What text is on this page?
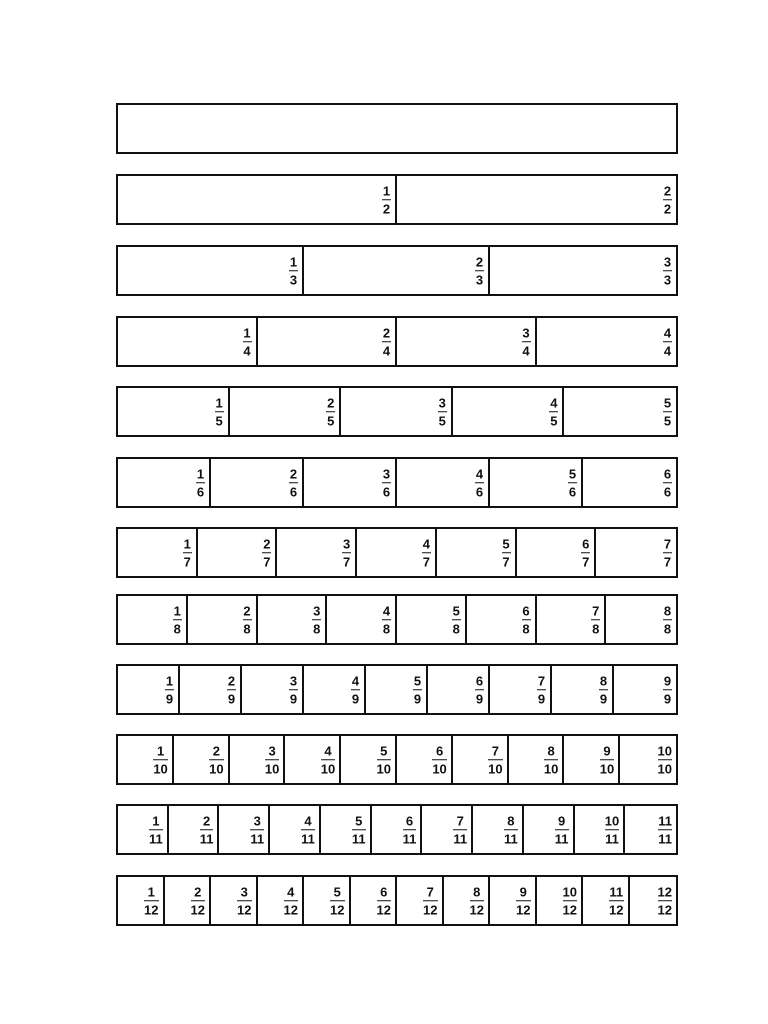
1
2
2
2
1
3
2
3
3
3
1
4
2
4
3
4
4
4
1
5
2
5
3
5
4
5
5
5
1
6
2
6
3
6
4
6
5
6
6
6
1
7
2
7
3
7
4
7
5
7
6
7
7
7
1
8
2
8
3
8
4
8
5
8
6
8
7
8
8
8
1
9
2
9
3
9
4
9
5
9
6
9
7
9
8
9
9
9
1
10
2
10
3
10
4
10
5
10
6
10
7
10
8
10
9
10
10
10
1
11
2
11
3
11
4
11
5
11
6
11
7
11
8
11
9
11
10
11
11
11
1
12
2
12
3
12
4
12
5
12
6
12
7
12
8
12
9
12
10
12
11
12
12
12
